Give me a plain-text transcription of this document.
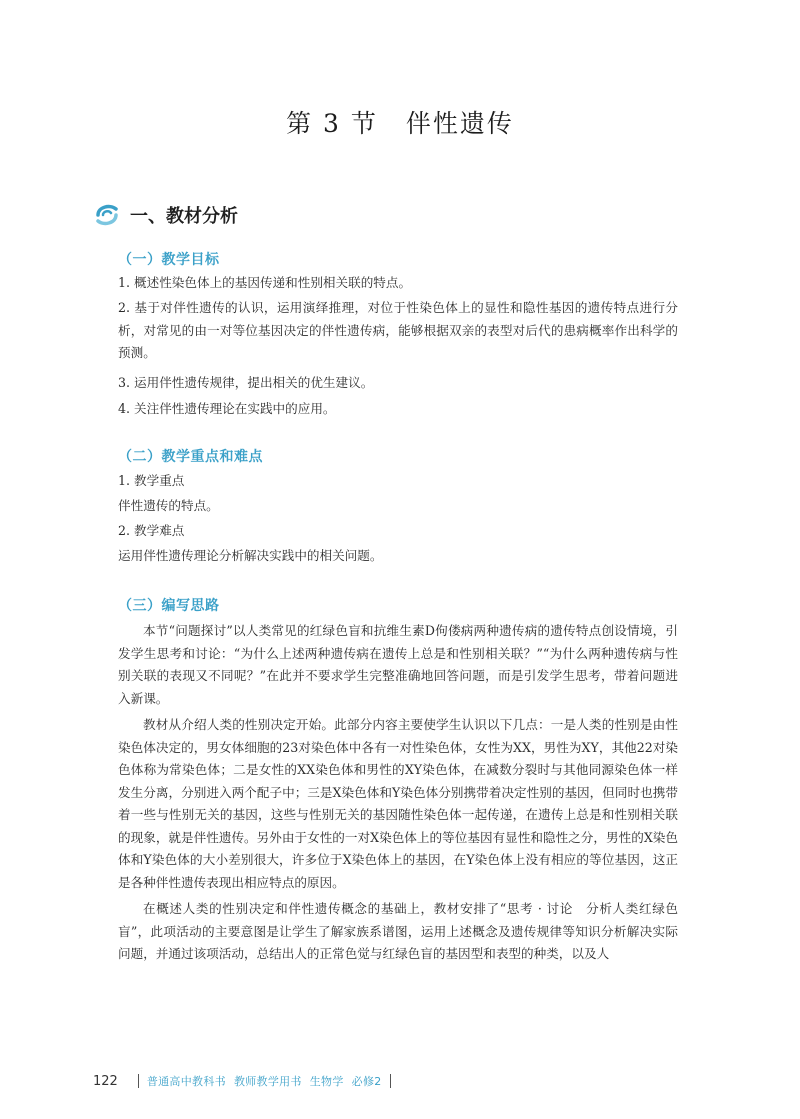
第 3 节 伴性遗传
一、教材分析
（一）教学目标
1. 概述性染色体上的基因传递和性别相关联的特点。

2. 基于对伴性遗传的认识，运用演绎推理，对位于性染色体上的显性和隐性基因的遗传特点进行分析，对常见的由一对等位基因决定的伴性遗传病，能够根据双亲的表型对后代的患病概率作出科学的预测。

3. 运用伴性遗传规律，提出相关的优生建议。
4. 关注伴性遗传理论在实践中的应用。
（二）教学重点和难点
1. 教学重点
伴性遗传的特点。
2. 教学难点
运用伴性遗传理论分析解决实践中的相关问题。
（三）编写思路

本节“问题探讨”以人类常见的红绿色盲和抗维生素D佝偻病两种遗传病的遗传特点创设情境，引发学生思考和讨论：“为什么上述两种遗传病在遗传上总是和性别相关联？”“为什么两种遗传病与性别关联的表现又不同呢？”在此并不要求学生完整准确地回答问题，而是引发学生思考，带着问题进入新课。

教材从介绍人类的性别决定开始。此部分内容主要使学生认识以下几点：一是人类的性别是由性染色体决定的，男女体细胞的23对染色体中各有一对性染色体，女性为XX，男性为XY，其他22对染色体称为常染色体；二是女性的XX染色体和男性的XY染色体，在减数分裂时与其他同源染色体一样发生分离，分别进入两个配子中；三是X染色体和Y染色体分别携带着决定性别的基因，但同时也携带着一些与性别无关的基因，这些与性别无关的基因随性染色体一起传递，在遗传上总是和性别相关联的现象，就是伴性遗传。另外由于女性的一对X染色体上的等位基因有显性和隐性之分，男性的X染色体和Y染色体的大小差别很大，许多位于X染色体上的基因，在Y染色体上没有相应的等位基因，这正是各种伴性遗传表现出相应特点的原因。

在概述人类的性别决定和伴性遗传概念的基础上，教材安排了“思考 · 讨论　分析人类红绿色盲”，此项活动的主要意图是让学生了解家族系谱图，运用上述概念及遗传规律等知识分析解决实际问题，并通过该项活动，总结出人的正常色觉与红绿色盲的基因型和表型的种类，以及人

122	普通高中教科书 教师教学用书 生物学 必修2
